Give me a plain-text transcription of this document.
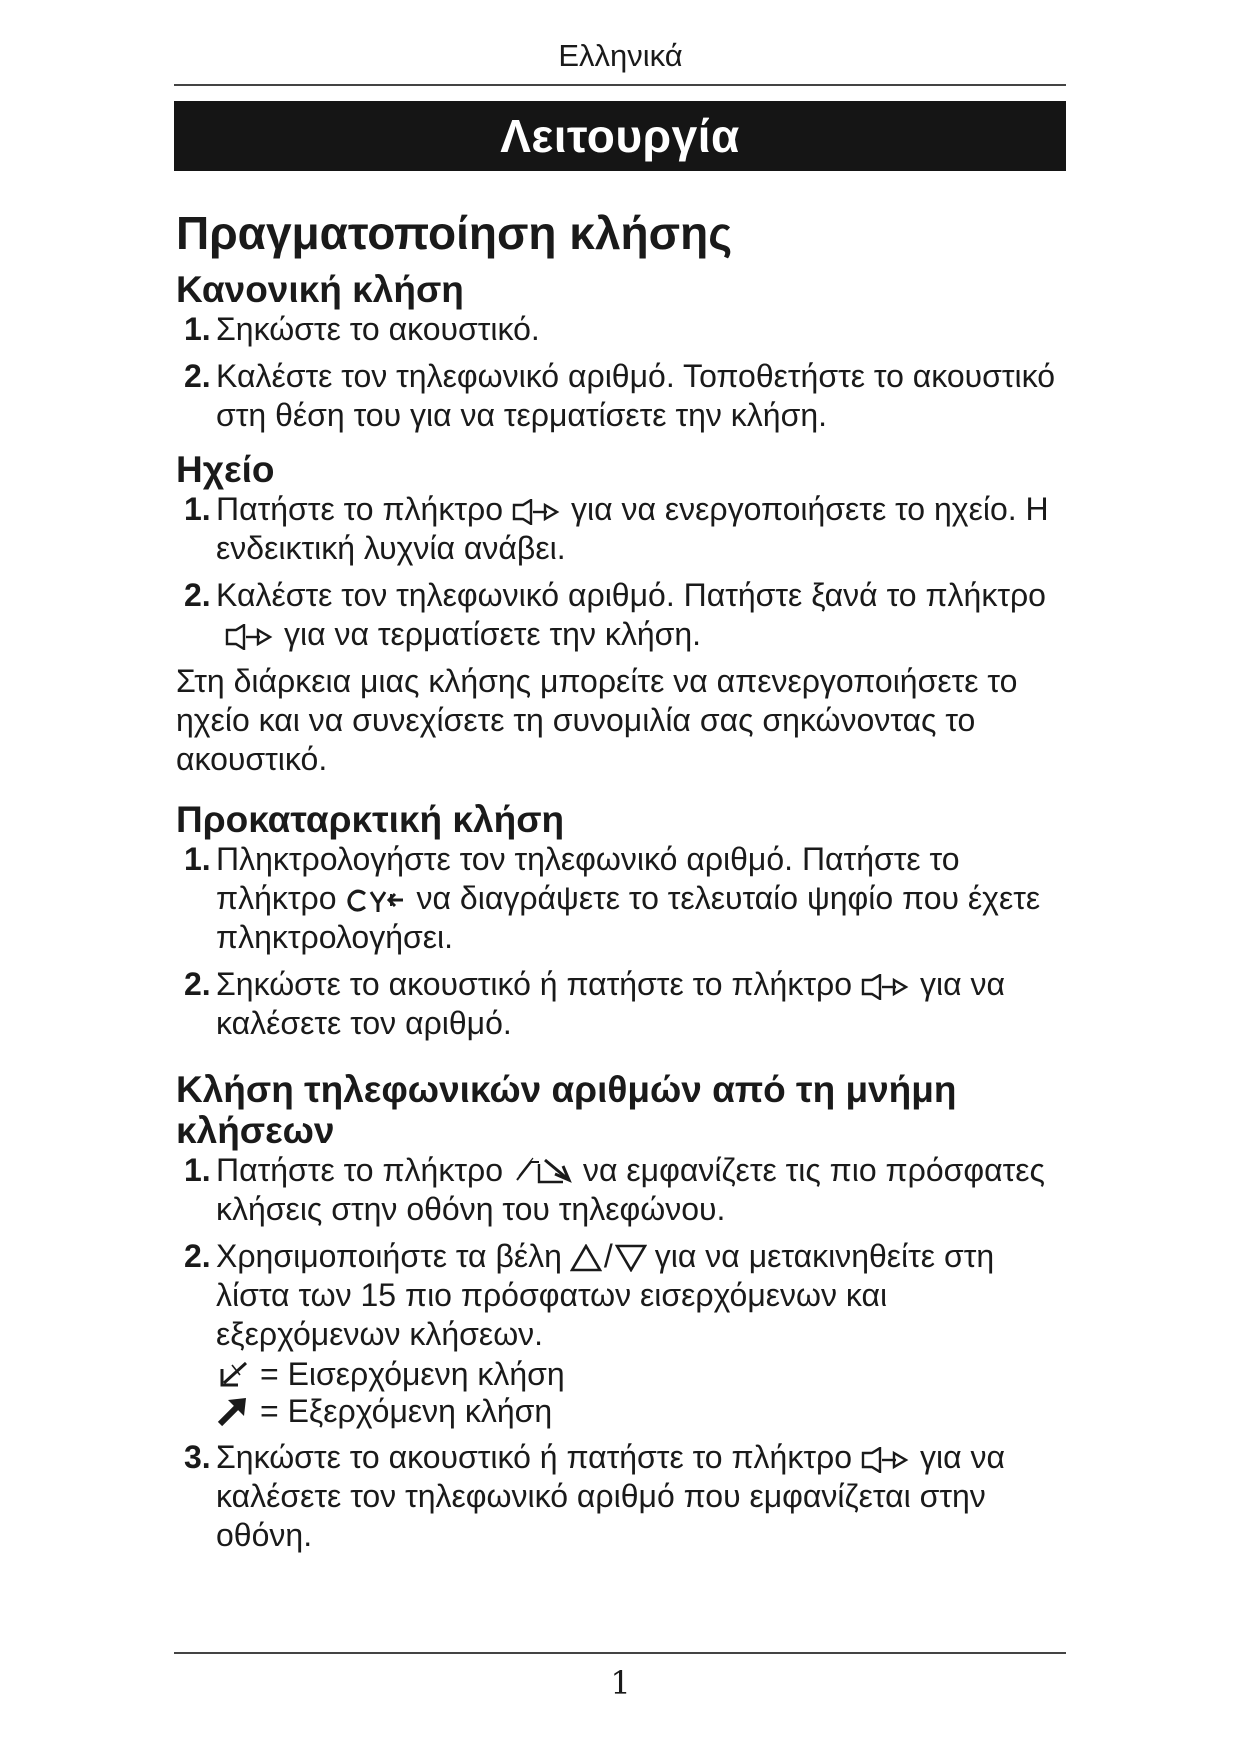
Ελληνικά
Λειτουργία
Πραγματοποίηση κλήσης
Κανονική κλήση
1. Σηκώστε το ακουστικό.
2. Καλέστε τον τηλεφωνικό αριθμό. Τοποθετήστε το ακουστικό στη θέση του για να τερματίσετε την κλήση.
Ηχείο
1. Πατήστε το πλήκτρο για να ενεργοποιήσετε το ηχείο. Η ενδεικτική λυχνία ανάβει.
2. Καλέστε τον τηλεφωνικό αριθμό. Πατήστε ξανά το πλήκτρογια να τερματίσετε την κλήση.

Στη διάρκεια μιας κλήσης μπορείτε να απενεργοποιήσετε το ηχείο και να συνεχίσετε τη συνομιλία σας σηκώνοντας το ακουστικό.

Προκαταρκτική κλήση
1. Πληκτρολογήστε τον τηλεφωνικό αριθμό. Πατήστε το πλήκτρο	να διαγράψετε το τελευταίο ψηφίο που έχετε πληκτρολογήσει.
2. Σηκώστε το ακουστικό ή πατήστε το πλήκτρο για να καλέσετε τον αριθμό.
Κλήση τηλεφωνικών αριθμών από τη μνήμη κλήσεων
1. Πατήστε το πλήκτρο	να εμφανίζετε τις πιο πρόσφατες κλήσεις στην οθόνη του τηλεφώνου.
2. Χρησιμοποιήστε τα βέλη / για να μετακινηθείτε στη λίστα των 15 πιο πρόσφατων εισερχόμενων και εξερχόμενων κλήσεων.
= Εισερχόμενη κλήση
= Εξερχόμενη κλήση
3. Σηκώστε το ακουστικό ή πατήστε το πλήκτρο για να καλέσετε τον τηλεφωνικό αριθμό που εμφανίζεται στην οθόνη.
1
